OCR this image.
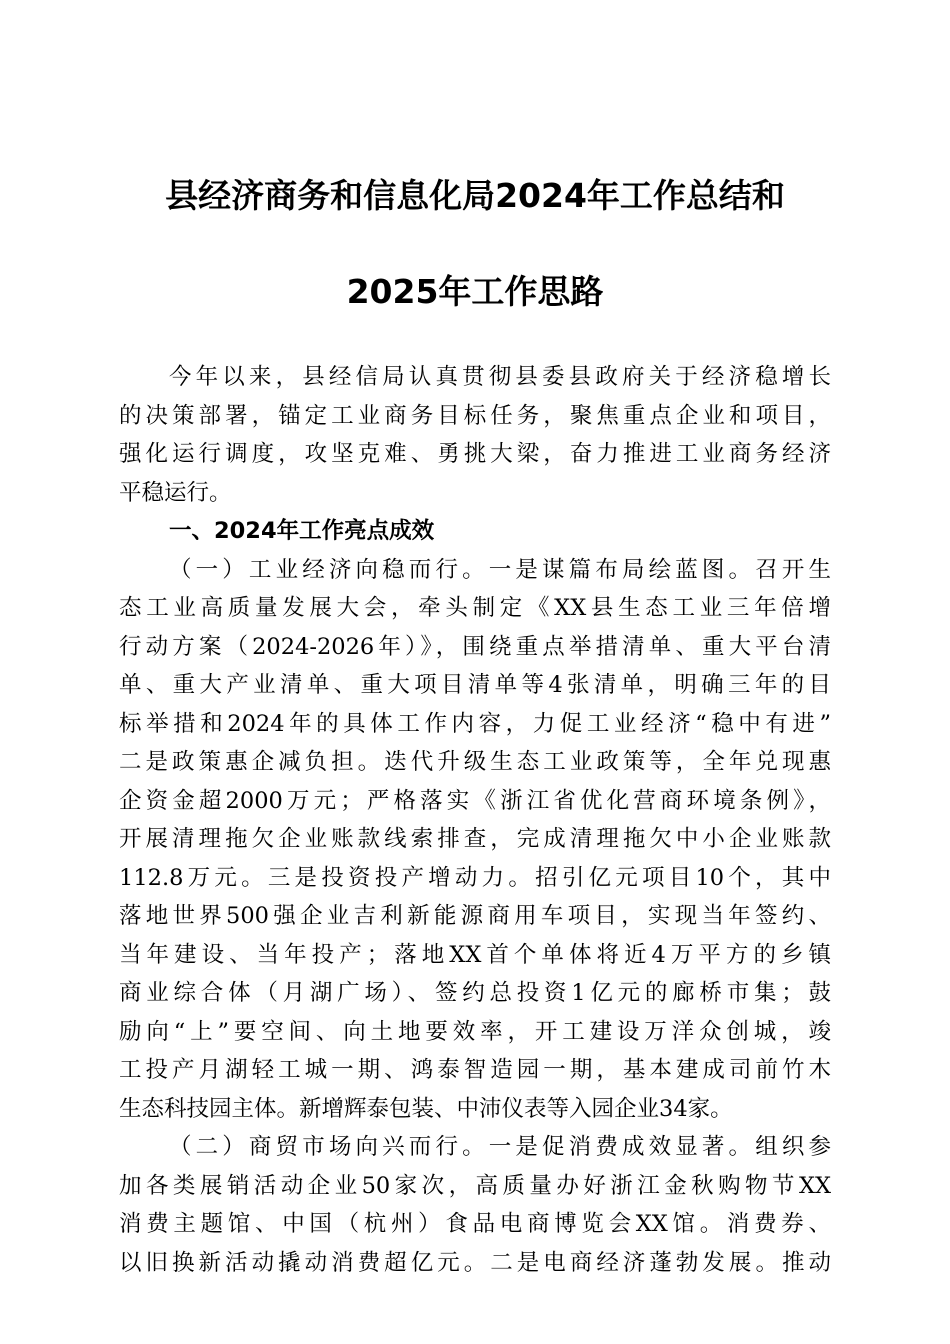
县经济商务和信息化局2024年工作总结和
2025年工作思路
今年以来，县经信局认真贯彻县委县政府关于经济稳增长
的决策部署，锚定工业商务目标任务，聚焦重点企业和项目，
强化运行调度，攻坚克难、勇挑大梁，奋力推进工业商务经济
平稳运行。
一、2024年工作亮点成效
（一）工业经济向稳而行。一是谋篇布局绘蓝图。召开生
态工业高质量发展大会，牵头制定《XX县生态工业三年倍增
行动方案（2024-2026年）》，围绕重点举措清单、重大平台清
单、重大产业清单、重大项目清单等4张清单，明确三年的目
标举措和2024年的具体工作内容，力促工业经济“稳中有进”
二是政策惠企减负担。迭代升级生态工业政策等，全年兑现惠
企资金超2000万元；严格落实《浙江省优化营商环境条例》，
开展清理拖欠企业账款线索排查，完成清理拖欠中小企业账款
112.8万元。三是投资投产增动力。招引亿元项目10个，其中
落地世界500强企业吉利新能源商用车项目，实现当年签约、
当年建设、当年投产；落地XX首个单体将近4万平方的乡镇
商业综合体（月湖广场）、签约总投资1亿元的廊桥市集；鼓
励向“上”要空间、向土地要效率，开工建设万洋众创城，竣
工投产月湖轻工城一期、鸿泰智造园一期，基本建成司前竹木
生态科技园主体。新增辉泰包装、中沛仪表等入园企业34家。
（二）商贸市场向兴而行。一是促消费成效显著。组织参
加各类展销活动企业50家次，高质量办好浙江金秋购物节XX
消费主题馆、中国（杭州）食品电商博览会XX馆。消费券、
以旧换新活动撬动消费超亿元。二是电商经济蓬勃发展。推动
